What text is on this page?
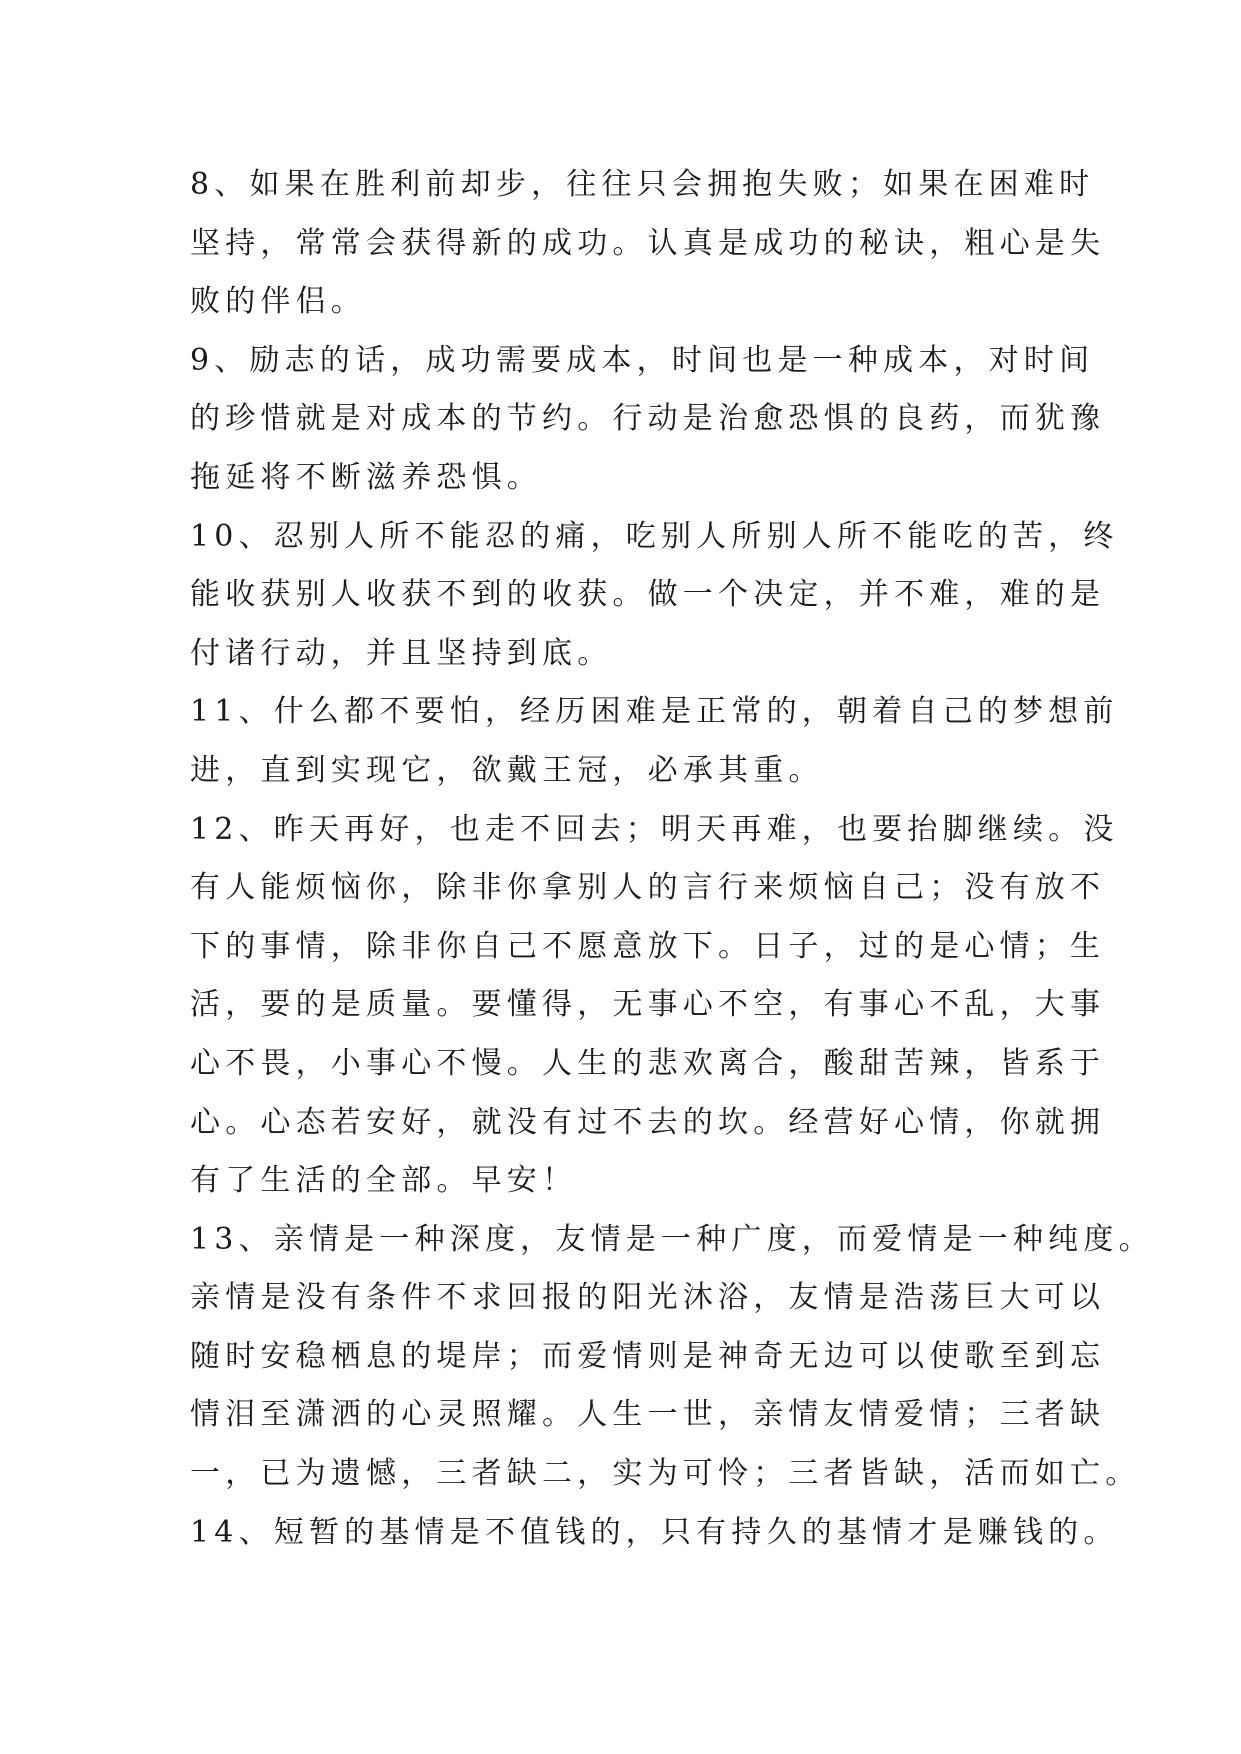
8、如果在胜利前却步，往往只会拥抱失败；如果在困难时
坚持，常常会获得新的成功。认真是成功的秘诀，粗心是失
败的伴侣。
9、励志的话，成功需要成本，时间也是一种成本，对时间
的珍惜就是对成本的节约。行动是治愈恐惧的良药，而犹豫
拖延将不断滋养恐惧。
10、忍别人所不能忍的痛，吃别人所别人所不能吃的苦，终
能收获别人收获不到的收获。做一个决定，并不难，难的是
付诸行动，并且坚持到底。
11、什么都不要怕，经历困难是正常的，朝着自己的梦想前
进，直到实现它，欲戴王冠，必承其重。
12、昨天再好，也走不回去；明天再难，也要抬脚继续。没
有人能烦恼你，除非你拿别人的言行来烦恼自己；没有放不
下的事情，除非你自己不愿意放下。日子，过的是心情；生
活，要的是质量。要懂得，无事心不空，有事心不乱，大事
心不畏，小事心不慢。人生的悲欢离合，酸甜苦辣，皆系于
心。心态若安好，就没有过不去的坎。经营好心情，你就拥
有了生活的全部。早安！
13、亲情是一种深度，友情是一种广度，而爱情是一种纯度。
亲情是没有条件不求回报的阳光沐浴，友情是浩荡巨大可以
随时安稳栖息的堤岸；而爱情则是神奇无边可以使歌至到忘
情泪至潇洒的心灵照耀。人生一世，亲情友情爱情；三者缺
一，已为遗憾，三者缺二，实为可怜；三者皆缺，活而如亡。
14、短暂的基情是不值钱的，只有持久的基情才是赚钱的。
